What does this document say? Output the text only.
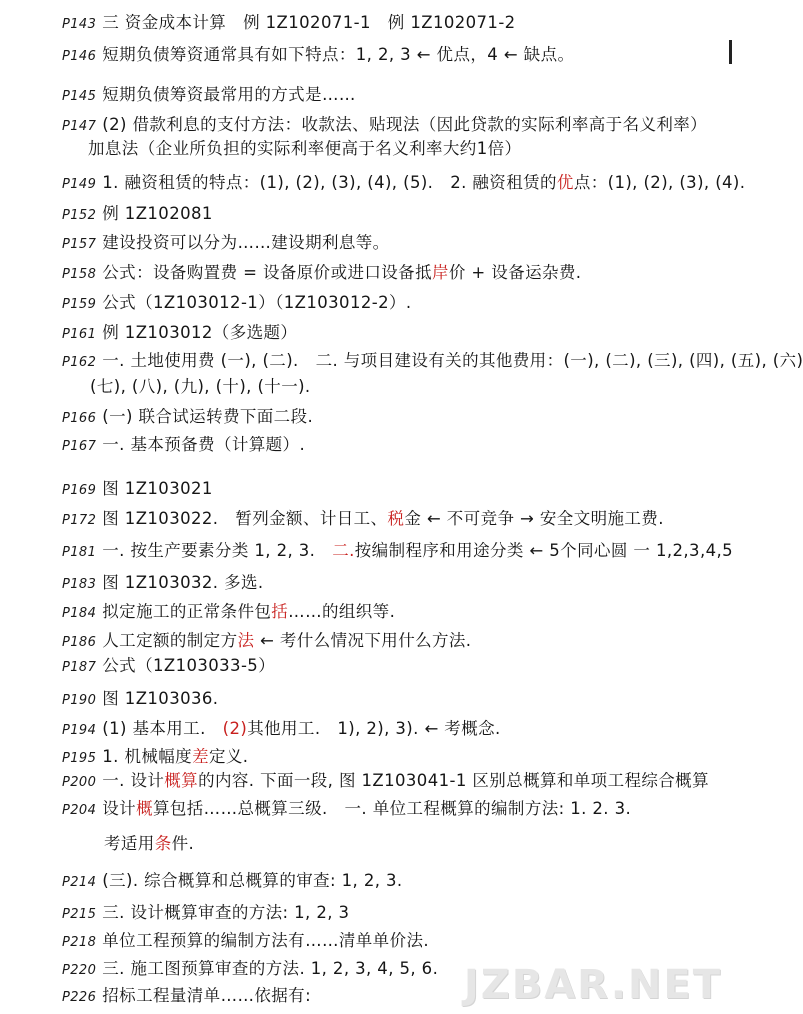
P143 三 资金成本计算　例 1Z102071-1　例 1Z102071-2
P146 短期负债筹资通常具有如下特点：1, 2, 3 ← 优点，4 ← 缺点。
P145 短期负债筹资最常用的方式是……
P147 (2) 借款利息的支付方法：收款法、贴现法（因此贷款的实际利率高于名义利率）
加息法（企业所负担的实际利率便高于名义利率大约1倍）
P149 1. 融资租赁的特点：(1), (2), (3), (4), (5).　2. 融资租赁的优点：(1), (2), (3), (4).
P152 例 1Z102081
P157 建设投资可以分为……建设期利息等。
P158 公式：设备购置费 = 设备原价或进口设备抵岸价 + 设备运杂费.
P159 公式（1Z103012-1）（1Z103012-2）.
P161 例 1Z103012（多选题）
P162 一. 土地使用费 (一), (二).　二. 与项目建设有关的其他费用：(一), (二), (三), (四), (五), (六)
(七), (八), (九), (十), (十一).
P166 (一) 联合试运转费下面二段.
P167 一. 基本预备费（计算题）.
P169 图 1Z103021
P172 图 1Z103022.　暂列金额、计日工、税金 ← 不可竞争 → 安全文明施工费.
P181 一. 按生产要素分类 1, 2, 3.　二.按编制程序和用途分类 ← 5个同心圆 一 1,2,3,4,5
P183 图 1Z103032. 多选.
P184 拟定施工的正常条件包括……的组织等.
P186 人工定额的制定方法 ← 考什么情况下用什么方法.
P187 公式（1Z103033-5）
P190 图 1Z103036.
P194 (1) 基本用工.　(2)其他用工.　1), 2), 3). ← 考概念.
P195 1. 机械幅度差定义.
P200 一. 设计概算的内容. 下面一段, 图 1Z103041-1 区别总概算和单项工程综合概算
P204 设计概算包括……总概算三级.　一. 单位工程概算的编制方法: 1. 2. 3.
考适用条件.
P214 (三). 综合概算和总概算的审查: 1, 2, 3.
P215 三. 设计概算审查的方法: 1, 2, 3
P218 单位工程预算的编制方法有……清单单价法.
P220 三. 施工图预算审查的方法. 1, 2, 3, 4, 5, 6.
P226 招标工程量清单……依据有:	JZBAR.NET
